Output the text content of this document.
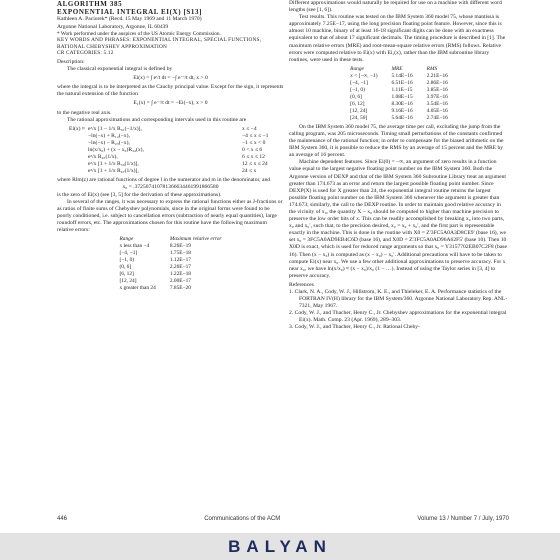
ALGORITHM 385
EXPONENTIAL INTEGRAL EI(X) [S13]

Kathleen A. Paciorek* (Recd. 15 May 1969 and 11 March 1970)

Argonne National Laboratory, Argonne, IL 60439

* Work performed under the auspices of the US Atomic Energy Commission.

KEY WORDS AND PHRASES: EXPONENTIAL INTEGRAL, SPECIAL FUNCTIONS, RATIONAL CHEBYSHEV APPROXIMATION

CR CATEGORIES: 5.12

Description:

The classical exponential integral is defined by

Ei(x) = ∫ eᵗ/t dt = −∫ e⁻ᵗ/t dt, x > 0

where the integral is to be interpreted as the Cauchy principal value. Except for the sign, it represents the natural extension of the function

E₁(x) = ∫ e⁻ᵗ/t dt = −Ei(−x), x > 0

to the negative real axis.

The rational approximations and corresponding intervals used in this routine are

Ei(x) ≈ eˣ/x [1 − 1/x R₀₁(−1/x)],	x ≤ −4
−ln(−x) + R₁₂(−x),	−4 ≤ x ≤ −1
−ln(−x) − R₂₃(−x),	−1 ≤ x < 0
ln(x/x₀) + (x − x₀)R₃₄(x),	0 < x ≤ 6
eˣ/x R₄₅(1/x),	6 ≤ x ≤ 12
eˣ/x [1 + 1/x R₅₆(1/x)],	12 ≤ x ≤ 24
eˣ/x [1 + 1/x R₆₇(1/x)],	24 ≤ x

where Rlm(z) are rational functions of degree l in the numerator and m in the denominator, and

x₀ = .372507410781366634461991866580

is the zero of Ei(x) (see [3, 5] for the derivation of these approximations).

In several of the ranges, it was necessary to express the rational functions either as J-fractions or as ratios of finite sums of Chebyshev polynomials, since in the original forms were found to be poorly conditioned, i.e. subject to cancellation errors (subtraction of nearly equal quantities), large roundoff errors, etc. The approximations chosen for this routine have the following maximum relative errors:

Range	Maximum relative error
x less than −4	8.26E−19
[−4, −1]	1.75E−18
[−1, 0)	1.12E−17
(0, 6]	2.26E−17
[6, 12]	1.22E−18
[12, 24]	2.00E−17
x greater than 24	7.85E−20

Different approximations would naturally be required for use on a machine with different word lengths (see [1, 6]).

Test results. This routine was tested on the IBM System 360 model 75, whose mantissa is approximately 7.25E−17, using the long precision floating point feature. However, since this is almost 10 machine, binary of at least 16-18 significant digits can be done with an exactness equivalent to that of about 17 significant decimals. The timing procedure is described in [1]. The maximum relative errors (MRE) and root-mean-square relative errors (RMS) follows. Relative errors were computed relative to Ei(x) with Ei₁(x), rather than the IBM subroutine library routines, were used in these tests.

Range	MRE	RMS
x < [−∞, −1)	5.14E−16	2.21E−16
[−4, −1]	6.51E−16	2.86E−16
[−1, 0)	1.11E−15	3.85E−16
(0, 6]	1.08E−15	3.97E−16
[6, 12]	8.30E−16	3.54E−16
[12, 24]	9.16E−16	4.05E−16
[24, 50]	5.64E−16	2.74E−16

On the IBM System 360 model 75, the average time per call, excluding the jump from the calling program, was 205 microseconds. Timing small perturbations of the constants confirmed the maintenance of the rational function; in order to compensate for the biased arithmetic on the IBM System 360, it is possible to reduce the RMS by an average of 15 percent and the MRE by an average of 16 percent.

Machine dependent features. Since Ei(0) = −∞, an argument of zero results in a function value equal to the largest negative floating point number on the IBM System 360. Both the Argonne version of DEXP and that of the IBM System 360 Subroutine Library treat an argument greater than 174.673 as an error and return the largest possible floating point number. Since DEXP(X) is used for X greater than 24, the exponential integral routine returns the largest possible floating point number on the IBM System 360 whenever the argument is greater than 174.673; similarly, the call to the DEXP routine. In order to maintain good relative accuracy in the vicinity of x₀, the quantity X − x₀ should be computed to higher than machine precision to preserve the low order bits of x. This can be readily accomplished by breaking x₀ into two parts, x₀ and x₀′, such that, to the precision desired, x₀ = x₀ + x₀′, and the first part is representable exactly in the machine. This is done in the routine with X0 = Z'3FC5A0A3D8CE9' (base 16), we set x₀ = 3FC5A0AD9EB4C6D (base 16), and X0D = Z'3FC5A0AD96A62F5' (base 10). Then 10 X0D is exact, which is used for reduced range arguments so that x₀ = Y3157702EB07C2F8 (base 16). Then (x − x₀) is computed as (x − x₀) − x₀′. Additional precautions will have to be taken to compute Ei(x) near x₀. We use a few other additional approximations to preserve accuracy. For x near x₀, we have ln(x/x₀) ≈ (x − x₀)/x₀ (1 − …). Instead of using the Taylor series in [3, 4] to preserve accuracy.

References

1. Clark, N. A., Cody, W. J., Hillstrom, K. E., and Thieleker, E. A. Performance statistics of the FORTRAN IV(H) library for the IBM System/360. Argonne National Laboratory Rep. ANL-7321, May 1967.

2. Cody, W. J., and Thacher, Henry C., Jr. Chebyshev approximations for the exponential integral Ei(x). Math. Comp. 23 (Apr. 1969), 289–303.

3. Cody, W. J., and Thacher, Henry C., Jr. Rational Cheby-

446	Communications of the ACM	Volume 13 / Number 7 / July, 1970
BALYAN
